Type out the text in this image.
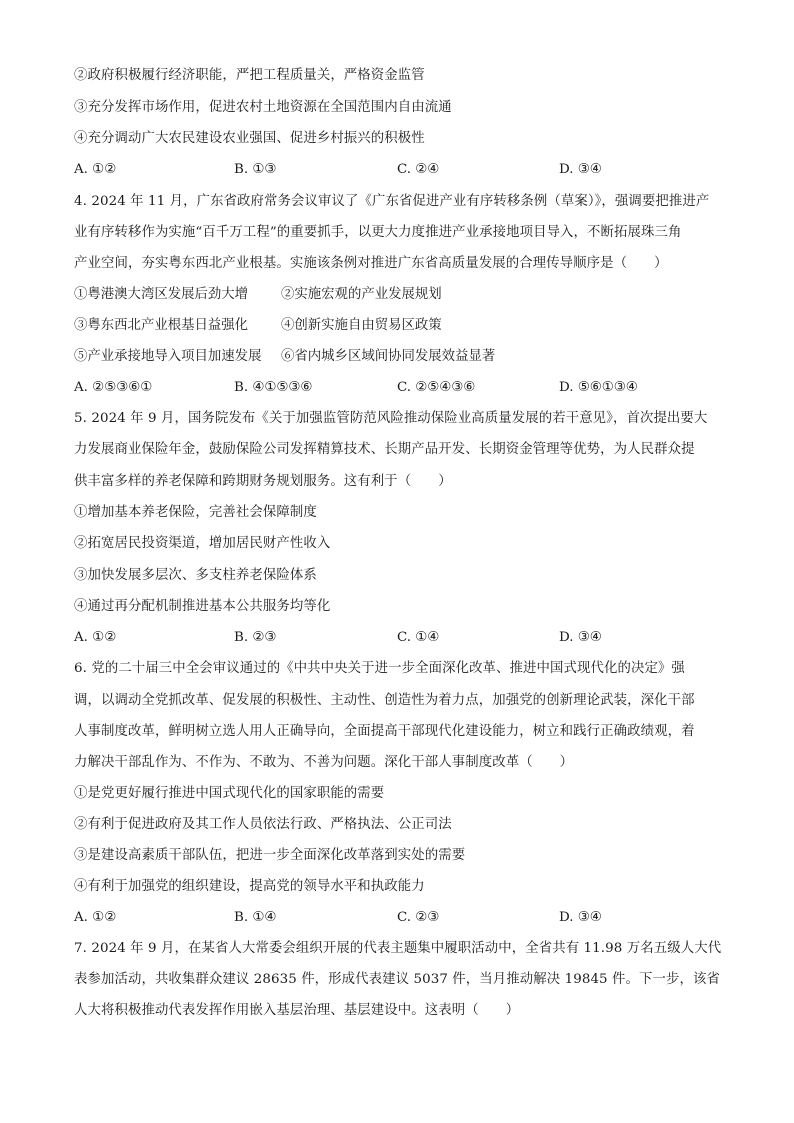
②政府积极履行经济职能，严把工程质量关，严格资金监管
③充分发挥市场作用，促进农村土地资源在全国范围内自由流通
④充分调动广大农民建设农业强国、促进乡村振兴的积极性
A. ①②	B. ①③	C. ②④	D. ③④
4. 2024 年 11 月，广东省政府常务会议审议了《广东省促进产业有序转移条例（草案）》，强调要把推进产
业有序转移作为实施“百千万工程”的重要抓手，以更大力度推进产业承接地项目导入，不断拓展珠三角
产业空间，夯实粤东西北产业根基。实施该条例对推进广东省高质量发展的合理传导顺序是（　　）
①粤港澳大湾区发展后劲大增 ②实施宏观的产业发展规划
③粤东西北产业根基日益强化 ④创新实施自由贸易区政策
⑤产业承接地导入项目加速发展 ⑥省内城乡区域间协同发展效益显著
A. ②⑤③⑥①	B. ④①⑤③⑥	C. ②⑤④③⑥	D. ⑤⑥①③④
5. 2024 年 9 月，国务院发布《关于加强监管防范风险推动保险业高质量发展的若干意见》，首次提出要大
力发展商业保险年金，鼓励保险公司发挥精算技术、长期产品开发、长期资金管理等优势，为人民群众提
供丰富多样的养老保障和跨期财务规划服务。这有利于（　　）
①增加基本养老保险，完善社会保障制度
②拓宽居民投资渠道，增加居民财产性收入
③加快发展多层次、多支柱养老保险体系
④通过再分配机制推进基本公共服务均等化
A. ①②	B. ②③	C. ①④	D. ③④
6. 党的二十届三中全会审议通过的《中共中央关于进一步全面深化改革、推进中国式现代化的决定》强
调，以调动全党抓改革、促发展的积极性、主动性、创造性为着力点，加强党的创新理论武装，深化干部
人事制度改革，鲜明树立选人用人正确导向，全面提高干部现代化建设能力，树立和践行正确政绩观，着
力解决干部乱作为、不作为、不敢为、不善为问题。深化干部人事制度改革（　　）
①是党更好履行推进中国式现代化的国家职能的需要
②有利于促进政府及其工作人员依法行政、严格执法、公正司法
③是建设高素质干部队伍，把进一步全面深化改革落到实处的需要
④有利于加强党的组织建设，提高党的领导水平和执政能力
A. ①②	B. ①④	C. ②③	D. ③④
7. 2024 年 9 月，在某省人大常委会组织开展的代表主题集中履职活动中，全省共有 11.98 万名五级人大代
表参加活动，共收集群众建议 28635 件，形成代表建议 5037 件，当月推动解决 19845 件。下一步，该省
人大将积极推动代表发挥作用嵌入基层治理、基层建设中。这表明（　　）
